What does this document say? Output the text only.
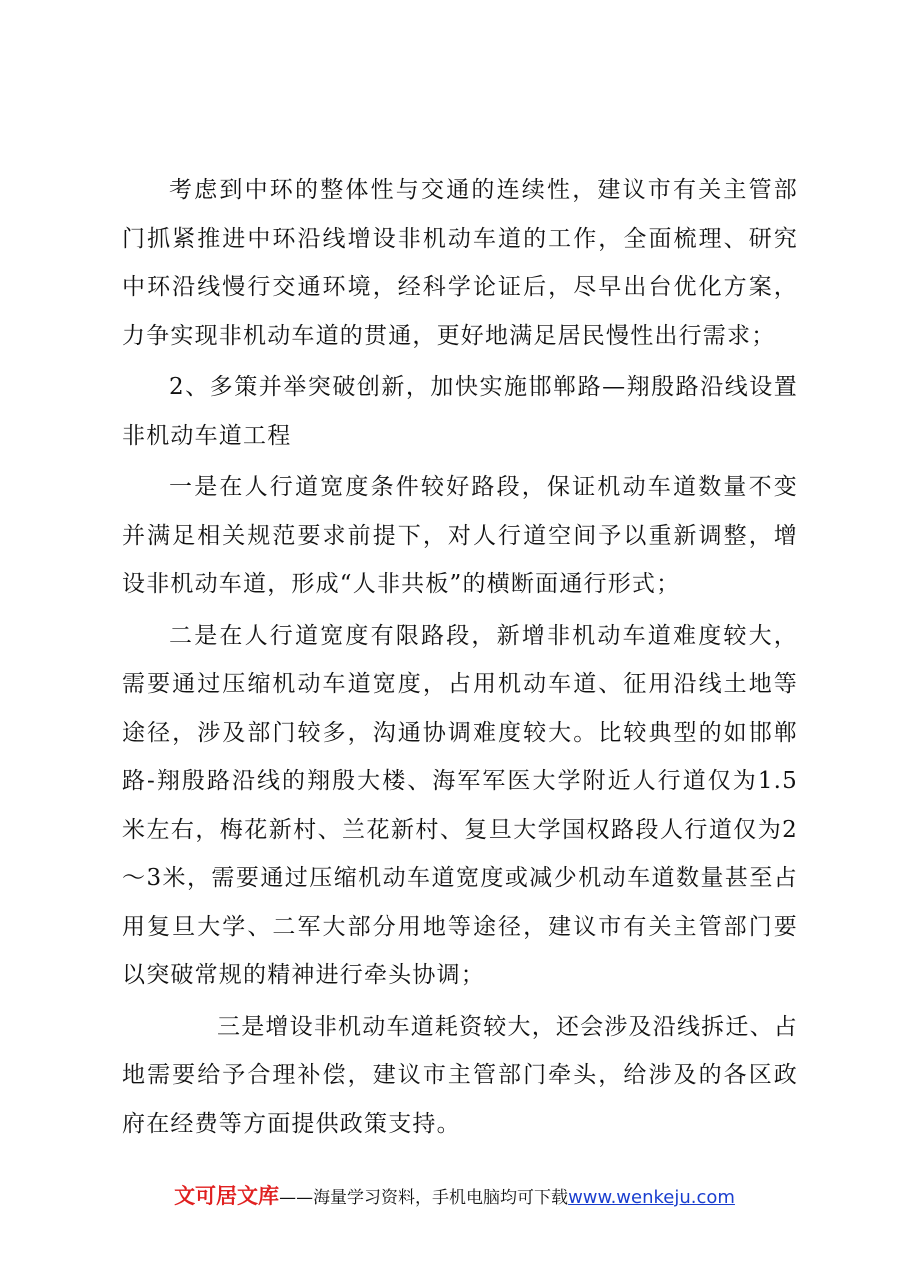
考虑到中环的整体性与交通的连续性，建议市有关主管部门抓紧推进中环沿线增设非机动车道的工作，全面梳理、研究中环沿线慢行交通环境，经科学论证后，尽早出台优化方案，力争实现非机动车道的贯通，更好地满足居民慢性出行需求；

2、多策并举突破创新，加快实施邯郸路—翔殷路沿线设置非机动车道工程

一是在人行道宽度条件较好路段，保证机动车道数量不变并满足相关规范要求前提下，对人行道空间予以重新调整，增设非机动车道，形成“人非共板”的横断面通行形式；

二是在人行道宽度有限路段，新增非机动车道难度较大，需要通过压缩机动车道宽度，占用机动车道、征用沿线土地等途径，涉及部门较多，沟通协调难度较大。比较典型的如邯郸路-翔殷路沿线的翔殷大楼、海军军医大学附近人行道仅为1.5米左右，梅花新村、兰花新村、复旦大学国权路段人行道仅为2～3米，需要通过压缩机动车道宽度或减少机动车道数量甚至占用复旦大学、二军大部分用地等途径，建议市有关主管部门要以突破常规的精神进行牵头协调；

三是增设非机动车道耗资较大，还会涉及沿线拆迁、占地需要给予合理补偿，建议市主管部门牵头，给涉及的各区政府在经费等方面提供政策支持。

文可居文库——海量学习资料，手机电脑均可下载www.wenkeju.com
